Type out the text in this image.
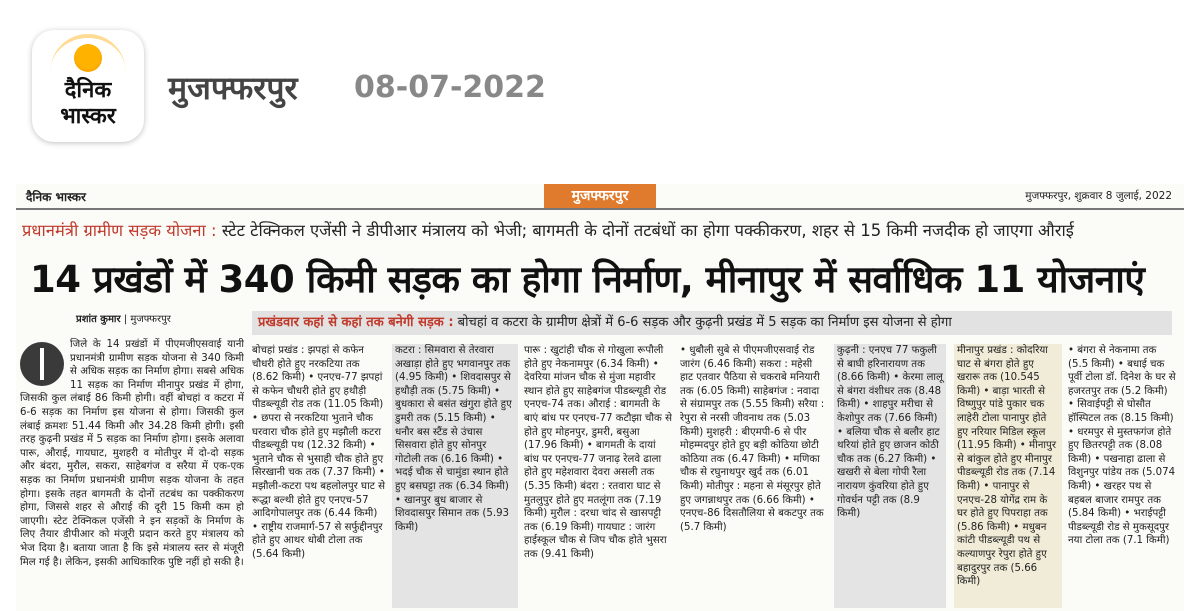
दैनिक
भास्कर
मुजफ्फरपुर 08-07-2022
दैनिक भास्कर	मुजफ्फरपुर	मुजफ्फरपुर, शुक्रवार 8 जुलाई, 2022
प्रधानमंत्री ग्रामीण सड़क योजना : स्टेट टेक्निकल एजेंसी ने डीपीआर मंत्रालय को भेजी; बागमती के दोनों तटबंधों का होगा पक्कीकरण, शहर से 15 किमी नजदीक हो जाएगा औराई
14 प्रखंडों में 340 किमी सड़क का होगा निर्माण, मीनापुर में सर्वाधिक 11 योजनाएं
प्रशांत कुमार | मुजफ्फरपुर	प्रखंडवार कहां से कहां तक बनेगी सड़क : बोचहां व कटरा के ग्रामीण क्षेत्रों में 6-6 सड़क और कुढ़नी प्रखंड में 5 सड़क का निर्माण इस योजना से होगा
जिले के 14 प्रखंडों में पीएमजीएसवाई यानी प्रधानमंत्री ग्रामीण सड़क योजना से 340 किमी से अधिक सड़क का निर्माण होगा। सबसे अधिक 11 सड़क का निर्माण मीनापुर प्रखंड में होगा, जिसकी कुल लंबाई 86 किमी होगी। वहीं बोचहां व कटरा में 6-6 सड़क का निर्माण इस योजना से होगा। जिसकी कुल लंबाई क्रमशः 51.44 किमी और 34.28 किमी होगी। इसी तरह कुढ़नी प्रखंड में 5 सड़क का निर्माण होगा। इसके अलावा पारू, औराई, गायघाट, मुशहरी व मोतीपुर में दो-दो सड़क और बंदरा, मुरौल, सकरा, साहेबगंज व सरैया में एक-एक सड़क का निर्माण प्रधानमंत्री ग्रामीण सड़क योजना के तहत होगा। इसके तहत बागमती के दोनों तटबंध का पक्कीकरण होगा, जिससे शहर से औराई की दूरी 15 किमी कम हो जाएगी। स्टेट टेक्निकल एजेंसी ने इन सड़कों के निर्माण के लिए तैयार डीपीआर को मंजूरी प्रदान करते हुए मंत्रालय को भेज दिया है। बताया जाता है कि इसे मंत्रालय स्तर से मंजूरी मिल गई है। लेकिन, इसकी आधिकारिक पुष्टि नहीं हो सकी है।
बोचहां प्रखंड : झपहां से कफेन चौधरी होते हुए नरकटिया तक (8.62 किमी) • एनएच-77 झपहां से कफेन चौधरी होते हुए हथौड़ी पीडब्ल्यूडी रोड तक (11.05 किमी) • छपरा से नरकटिया भुताने चौक घरवारा चौक होते हुए मझौली कटरा पीडब्ल्यूडी पथ (12.32 किमी) • भुताने चौक से भुसाही चौक होते हुए सिरखानी चक तक (7.37 किमी) • मझौली-कटरा पथ बहलोलपुर घाट से रूद्धा बल्थी होते हुए एनएच-57 आदिगोपालपुर तक (6.44 किमी) • राष्ट्रीय राजमार्ग-57 से सर्फुद्दीनपुर होते हुए आथर धोबी टोला तक (5.64 किमी)
कटरा : सिमवारा से तेरवारा अखाड़ा होते हुए भगवानपुर तक (4.95 किमी) • शिवदासपुर से हथौड़ी तक (5.75 किमी) • बुधकारा से बसंत खंगुरा होते हुए डुमरी तक (5.15 किमी) • धनौर बस स्टैंड से उंचास सिसवारा होते हुए सोनपुर गोटोली तक (6.16 किमी) • भदई चौक से चामुंडा स्थान होते हुए बसघट्टा तक (6.34 किमी) • खानपुर बुध बाजार से शिवदासपुर सिमान तक (5.93 किमी)
पारू : खुटांही चौक से गोखुला रूपौली होते हुए नेकनामपुर (6.34 किमी) • देवरिया मांजन चौक से मुंजा महावीर स्थान होते हुए साहेबगंज पीडब्ल्यूडी रोड एनएच-74 तक। औराई : बागमती के बाएं बांध पर एनएच-77 कटौझा चौक से होते हुए मोहनपुर, डुमरी, बसुआ (17.96 किमी) • बागमती के दायां बांध पर एनएच-77 जनाढ़ रेलवे ढाला होते हुए महेशवारा देवरा असली तक (5.35 किमी) बंदरा : रतवारा घाट से मुतलुपुर होते हुए मतलूंगा तक (7.19 किमी) मुरौल : दरधा चांद से खासपट्टी तक (6.19 किमी) गायघाट : जारंग हाईस्कूल चौक से जिप चौक होते भुसरा तक (9.41 किमी)
• धुबौली सुबे से पीएमजीएसवाई रोड जारंग (6.46 किमी) सकरा : महेसी हाट एतवार पैठिया से चकराबे मनियारी तक (6.05 किमी) साहेबगंज : नवादा से संग्रामपुर तक (5.55 किमी) सरैया : रेपुरा से नरसी जीवनाथ तक (5.03 किमी) मुशहरी : बीएमपी-6 से पीर मोहम्मदपुर होते हुए बड़ी कोठिया छोटी कोठिया तक (6.47 किमी) • मणिका चौक से रघुनाथपुर खुर्द तक (6.01 किमी) मोतीपुर : महना से मंसूरपुर होते हुए जगन्नाथपुर तक (6.66 किमी) • एनएच-86 दिसतौलिया से बकटपुर तक (5.7 किमी)
कुढ़नी : एनएच 77 फकुली से बाघी हरिनारायण तक (8.66 किमी) • केरमा लालू से बंगरा वंशीधर तक (8.48 किमी) • शाहपुर मरीचा से केशोपुर तक (7.66 किमी) • बलिया चौक से बलौर हाट थरियां होते हुए छाजन कोठी चौक तक (6.27 किमी) • खखरी से बेला गोपी रैला नारायण कुंवरिया होते हुए गोवर्धन पट्टी तक (8.9 किमी)
मीनापुर प्रखंड : कोदरिया घाट से बंगरा होते हुए खरारू तक (10.545 किमी) • बाड़ा भारती से विष्णुपुर पांडे पुकार चक लाहेरी टोला पानापुर होते हुए नरियार मिडिल स्कूल (11.95 किमी) • मीनापुर से बांकुल होते हुए मीनापुर पीडब्ल्यूडी रोड तक (7.14 किमी) • पानापुर से एनएच-28 योगेंद्र राम के घर होते हुए पिपराहा तक (5.86 किमी) • मधुबन कांटी पीडब्ल्यूडी पथ से कल्याणपुर रेपुरा होते हुए बहादुरपुर तक (5.66 किमी)
• बंगरा से नेकनामा तक (5.5 किमी) • बधाई चक पूर्वी टोला डॉ. दिनेश के घर से हजरतपुर तक (5.2 किमी) • सिवाईपट्टी से घोसौत हॉस्पिटल तक (8.15 किमी) • धरमपुर से मुस्तफगंज होते हुए छितरपट्टी तक (8.08 किमी) • पखनाहा ढाला से विशुनपुर पांडेय तक (5.074 किमी) • खरहर पथ से बहबल बाजार रामपुर तक (5.84 किमी) • भराईपट्टी पीडब्ल्यूडी रोड से मुकसूदपुर नया टोला तक (7.1 किमी)
